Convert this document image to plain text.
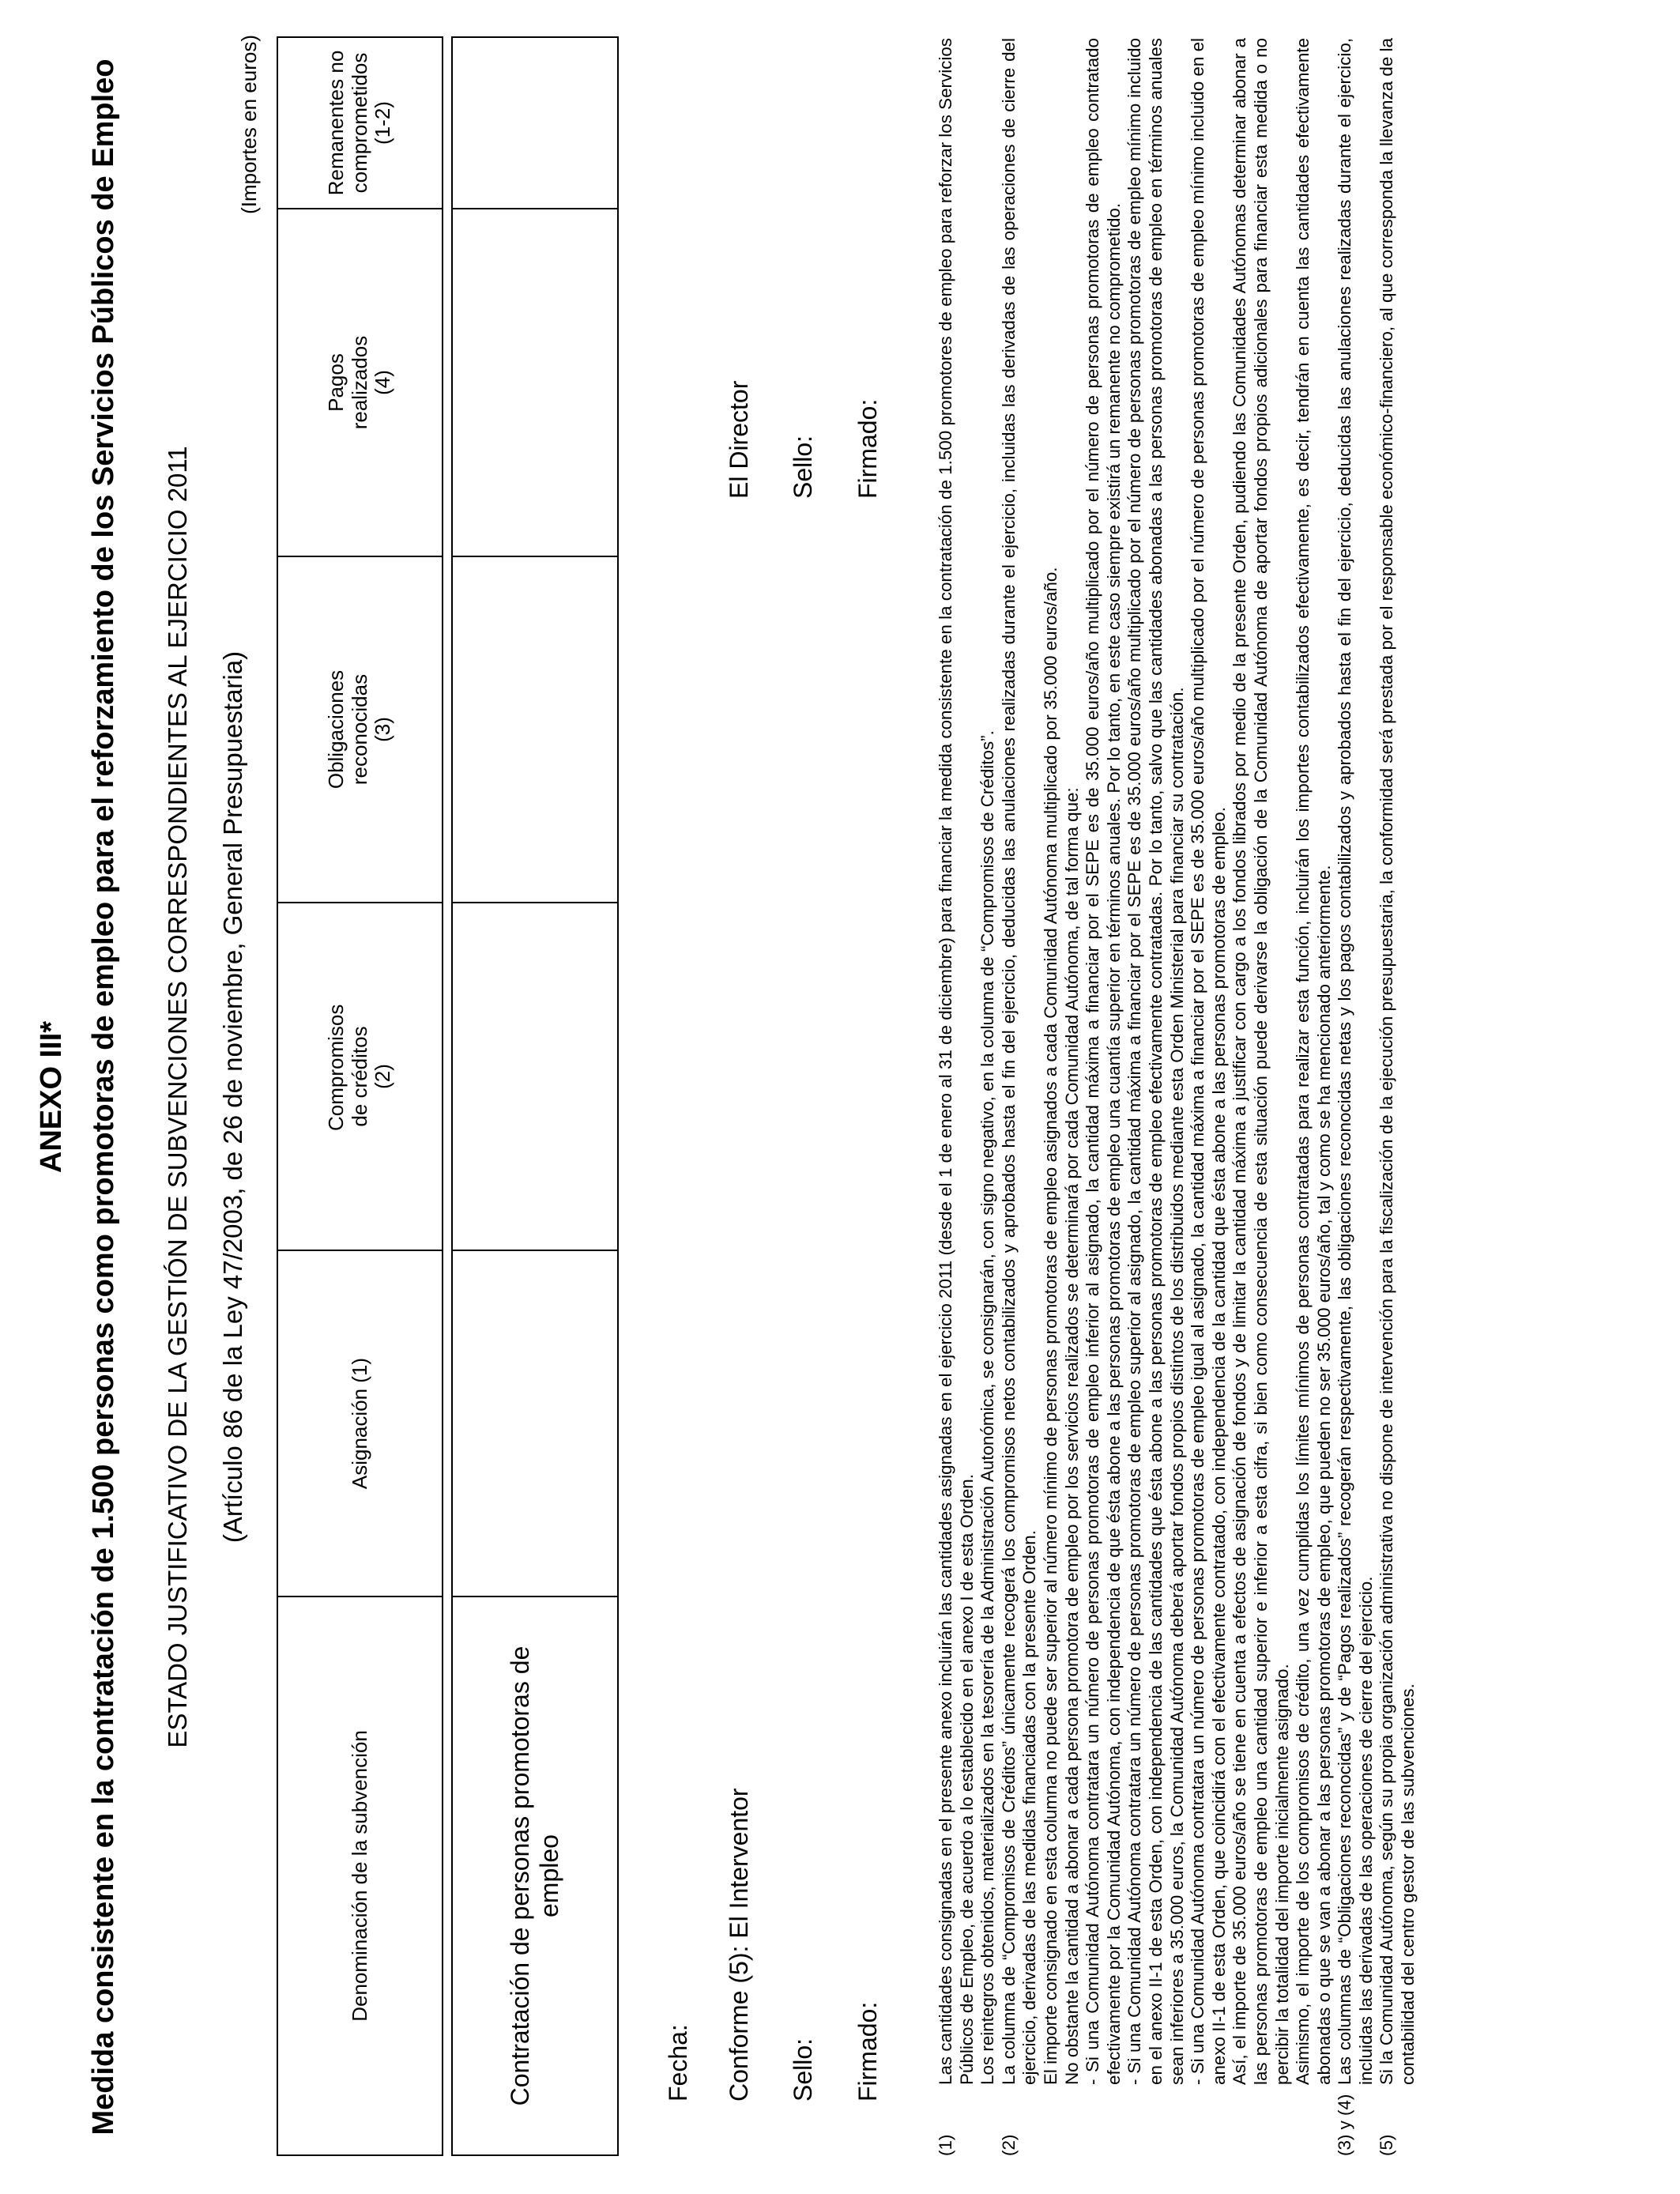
ANEXO III* Medida consistente en la contratación de 1.500 personas como promotoras de empleo para el reforzamiento de los Servicios Públicos de Empleo ESTADO JUSTIFICATIVO DE LA GESTIÓN DE SUBVENCIONES CORRESPONDIENTES AL EJERCICIO 2011 (Artículo 86 de la Ley 47/2003, de 26 de noviembre, General Presupuestaria)
(Importes en euros)
Denominación de la subvención	Asignación (1)	Compromisos de créditos (2)	Obligaciones reconocidas (3)	Pagos realizados (4)	Remanentes no comprometidos (1-2)
Contratación de personas promotoras de empleo					
Fecha: Conforme (5): El Interventor Sello: Firmado:
El Director Sello: Firmado:
(1)

Las cantidades consignadas en el presente anexo incluirán las cantidades asignadas en el ejercicio 2011 (desde el 1 de enero al 31 de diciembre) para financiar la medida consistente en la contratación de 1.500 promotores de empleo para reforzar los Servicios Públicos de Empleo, de acuerdo a lo establecido en el anexo I de esta Orden. Los reintegros obtenidos, materializados en la tesorería de la Administración Autonómica, se consignarán, con signo negativo, en la columna de “Compromisos de Créditos”.

(2)

La columna de “Compromisos de Créditos” únicamente recogerá los compromisos netos contabilizados y aprobados hasta el fin del ejercicio, deducidas las anulaciones realizadas durante el ejercicio, incluidas las derivadas de las operaciones de cierre del ejercicio, derivadas de las medidas financiadas con la presente Orden. El importe consignado en esta columna no puede ser superior al número mínimo de personas promotoras de empleo asignados a cada Comunidad Autónoma multiplicado por 35.000 euros/año. No obstante la cantidad a abonar a cada persona promotora de empleo por los servicios realizados se determinará por cada Comunidad Autónoma, de tal forma que: - Si una Comunidad Autónoma contratara un número de personas promotoras de empleo inferior al asignado, la cantidad máxima a financiar por el SEPE es de 35.000 euros/año multiplicado por el número de personas promotoras de empleo contratado efectivamente por la Comunidad Autónoma, con independencia de que ésta abone a las personas promotoras de empleo una cuantía superior en términos anuales. Por lo tanto, en este caso siempre existirá un remanente no comprometido. - Si una Comunidad Autónoma contratara un número de personas promotoras de empleo superior al asignado, la cantidad máxima a financiar por el SEPE es de 35.000 euros/año multiplicado por el número de personas promotoras de empleo mínimo incluido en el anexo II-1 de esta Orden, con independencia de las cantidades que ésta abone a las personas promotoras de empleo efectivamente contratadas. Por lo tanto, salvo que las cantidades abonadas a las personas promotoras de empleo en términos anuales sean inferiores a 35.000 euros, la Comunidad Autónoma deberá aportar fondos propios distintos de los distribuidos mediante esta Orden Ministerial para financiar su contratación. - Si una Comunidad Autónoma contratara un número de personas promotoras de empleo igual al asignado, la cantidad máxima a financiar por el SEPE es de 35.000 euros/año multiplicado por el número de personas promotoras de empleo mínimo incluido en el anexo II-1 de esta Orden, que coincidirá con el efectivamente contratado, con independencia de la cantidad que ésta abone a las personas promotoras de empleo. Así, el importe de 35.000 euros/año se tiene en cuenta a efectos de asignación de fondos y de limitar la cantidad máxima a justificar con cargo a los fondos librados por medio de la presente Orden, pudiendo las Comunidades Autónomas determinar abonar a las personas promotoras de empleo una cantidad superior e inferior a esta cifra, si bien como consecuencia de esta situación puede derivarse la obligación de la Comunidad Autónoma de aportar fondos propios adicionales para financiar esta medida o no percibir la totalidad del importe inicialmente asignado. Asimismo, el importe de los compromisos de crédito, una vez cumplidas los límites mínimos de personas contratadas para realizar esta función, incluirán los importes contabilizados efectivamente, es decir, tendrán en cuenta las cantidades efectivamente abonadas o que se van a abonar a las personas promotoras de empleo, que pueden no ser 35.000 euros/año, tal y como se ha mencionado anteriormente.

(3) y (4)

Las columnas de “Obligaciones reconocidas” y de “Pagos realizados” recogerán respectivamente, las obligaciones reconocidas netas y los pagos contabilizados y aprobados hasta el fin del ejercicio, deducidas las anulaciones realizadas durante el ejercicio, incluidas las derivadas de las operaciones de cierre del ejercicio.

(5)

Si la Comunidad Autónoma, según su propia organización administrativa no dispone de intervención para la fiscalización de la ejecución presupuestaria, la conformidad será prestada por el responsable económico-financiero, al que corresponda la llevanza de la contabilidad del centro gestor de las subvenciones.
